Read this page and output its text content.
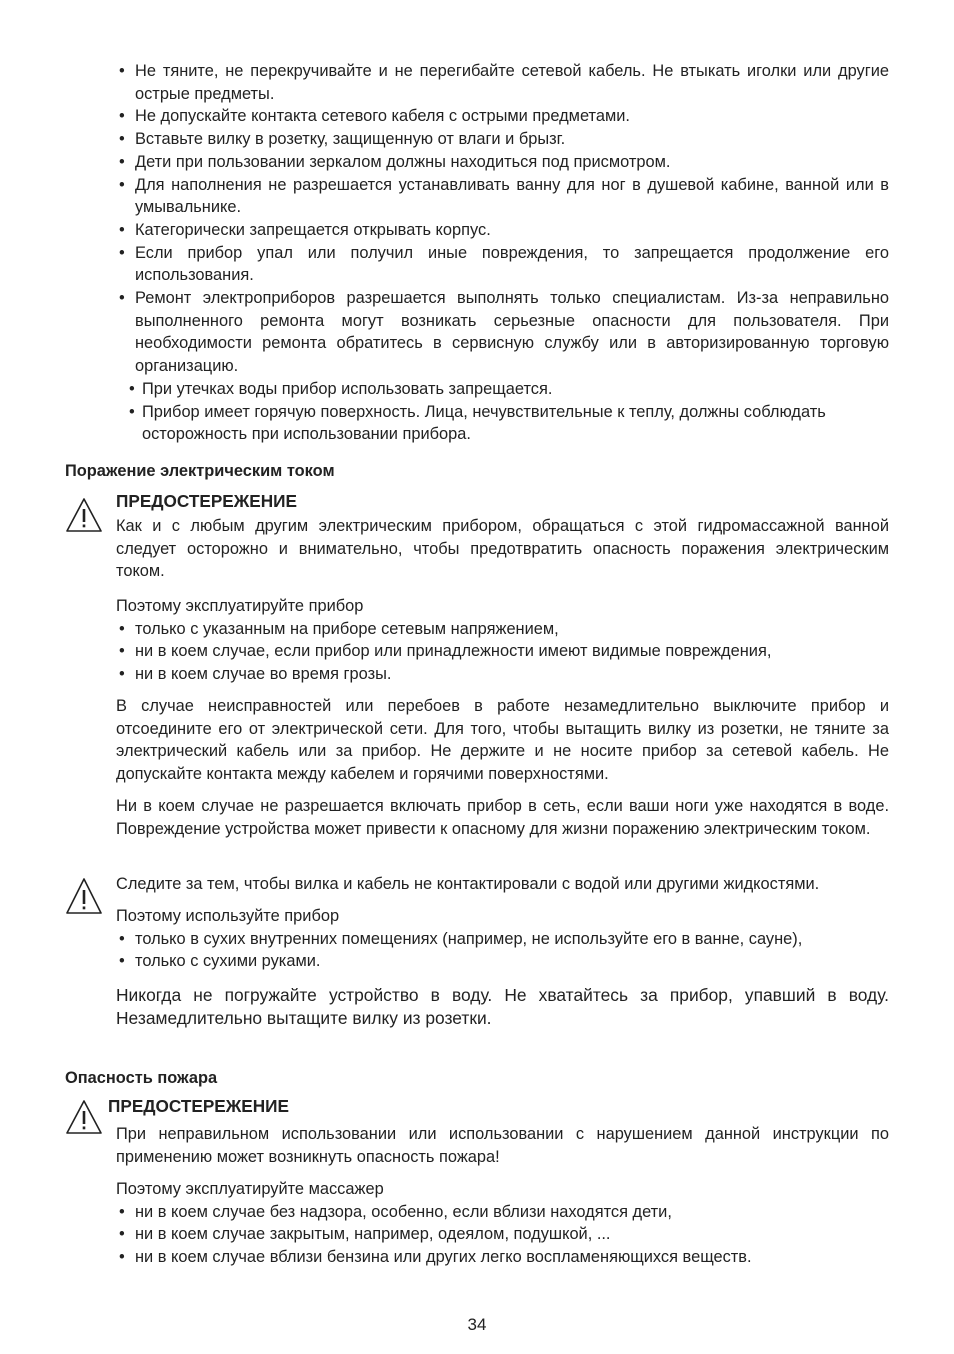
• Не тяните, не перекручивайте и не перегибайте сетевой кабель. Не втыкать иголки или другие острые предметы.
• Не допускайте контакта сетевого кабеля с острыми предметами.
• Вставьте вилку в розетку, защищенную от влаги и брызг.
• Дети при пользовании зеркалом должны находиться под присмотром.
• Для наполнения не разрешается устанавливать ванну для ног в душевой кабине, ванной или в умывальнике.
• Категорически запрещается открывать корпус.
• Если прибор упал или получил иные повреждения, то запрещается продолжение его использования.
• Ремонт электроприборов разрешается выполнять только специалистам. Из-за неправильно выполненного ремонта могут возникать серьезные опасности для пользователя. При необходимости ремонта обратитесь в сервисную службу или в авторизированную торговую организацию.
• При утечках воды прибор использовать запрещается.
• Прибор имеет горячую поверхность. Лица, нечувствительные к теплу, должны соблюдать осторожность при использовании прибора.
Поражение электрическим током
ПРЕДОСТЕРЕЖЕНИЕ
Как и с любым другим электрическим прибором, обращаться с этой гидромассажной ванной следует осторожно и внимательно, чтобы предотвратить опасность поражения электрическим током.
Поэтому эксплуатируйте прибор
• только с указанным на приборе сетевым напряжением,
• ни в коем случае, если прибор или принадлежности имеют видимые повреждения,
• ни в коем случае во время грозы.
В случае неисправностей или перебоев в работе незамедлительно выключите прибор и отсоедините его от электрической сети. Для того, чтобы вытащить вилку из розетки, не тяните за электрический кабель или за прибор. Не держите и не носите прибор за сетевой кабель. Не допускайте контакта между кабелем и горячими поверхностями.
Ни в коем случае не разрешается включать прибор в сеть, если ваши ноги уже находятся в воде. Повреждение устройства может привести к опасному для жизни поражению электрическим током.
Следите за тем, чтобы вилка и кабель не контактировали с водой или другими жидкостями.
Поэтому используйте прибор
• только в сухих внутренних помещениях (например, не используйте его в ванне, сауне),
• только с сухими руками.
Никогда не погружайте устройство в воду. Не хватайтесь за прибор, упавший в воду. Незамедлительно вытащите вилку из розетки.
Опасность пожара
ПРЕДОСТЕРЕЖЕНИЕ
При неправильном использовании или использовании с нарушением данной инструкции по применению может возникнуть опасность пожара!
Поэтому эксплуатируйте массажер
• ни в коем случае без надзора, особенно, если вблизи находятся дети,
• ни в коем случае закрытым, например, одеялом, подушкой, ...
• ни в коем случае вблизи бензина или других легко воспламеняющихся веществ.
34
